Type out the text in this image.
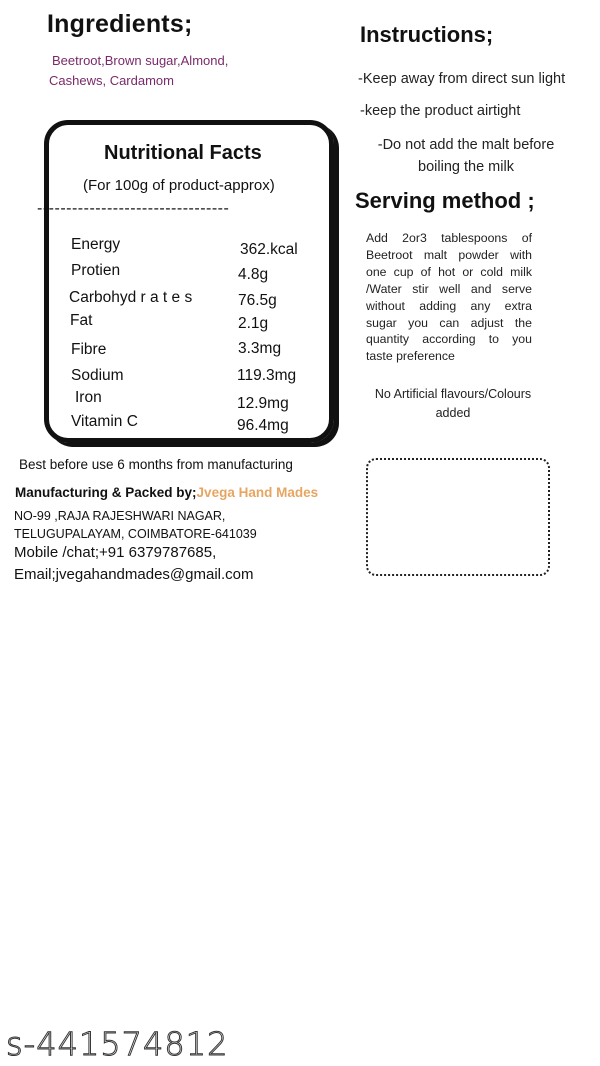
Ingredients;
Beetroot,Brown sugar,Almond,
Cashews, Cardamom
Instructions;
-Keep away from direct sun light
-keep the product airtight
-Do not add the malt before boiling the milk
Nutritional Facts
(For 100g of product-approx)
---------------------------------
Energy	362.kcal
Protien	4.8g
Carbohyd r a t e s	76.5g
Fat	2.1g
Fibre	3.3mg
Sodium	119.3mg
Iron	12.9mg
Vitamin C	96.4mg
Serving method ;
Add 2or3 tablespoons of Beetroot malt powder with one cup of hot or cold milk /Water stir well and serve without adding any extra sugar you can adjust the quantity according to you taste preference
No Artificial flavours/Colours added
Best before use 6 months from manufacturing
Manufacturing & Packed by;Jvega Hand Mades
NO-99 ,RAJA RAJESHWARI NAGAR,
TELUGUPALAYAM, COIMBATORE-641039
Mobile /chat;+91 6379787685,
Email;jvegahandmades@gmail.com
s-441574812
